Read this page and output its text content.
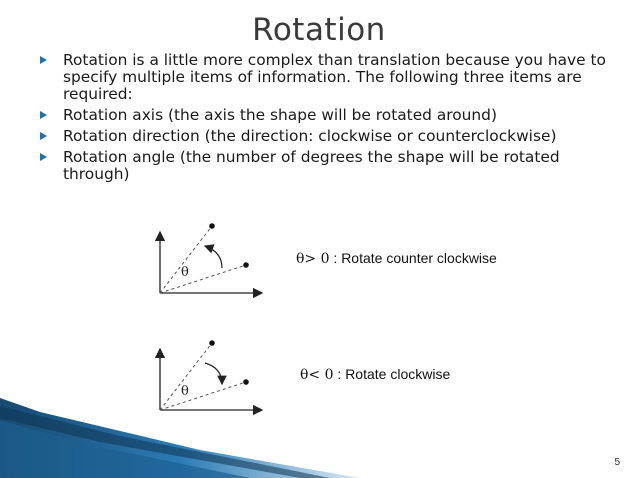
Rotation
Rotation is a little more complex than translation because you have to specify multiple items of information. The following three items are required:
Rotation axis (the axis the shape will be rotated around)
Rotation direction (the direction: clockwise or counterclockwise)
Rotation angle (the number of degrees the shape will be rotated through)
θ
θ> 0 : Rotate counter clockwise
θ
θ< 0 : Rotate clockwise
5
